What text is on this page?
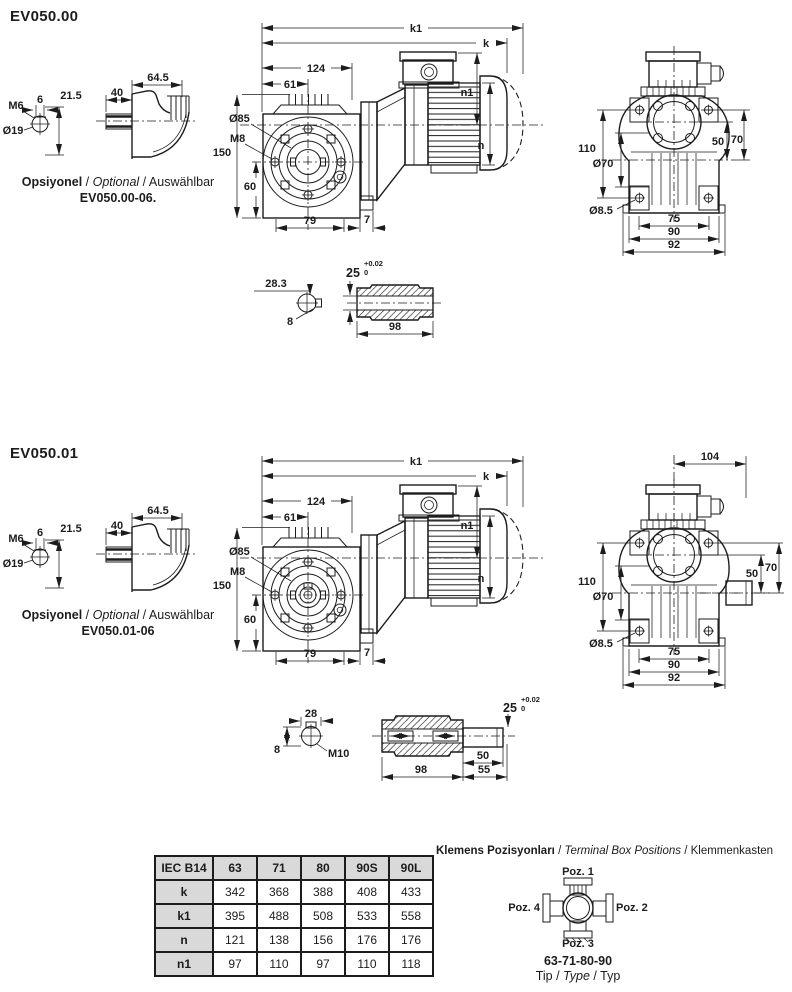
M6 6 21.5
Ø19
40
64.5
k1
k
124
61
n1
n
150
60
Ø85
M8
79	7
110
Ø70
Ø8.5
75
90
92
50 70
28.3
8
25
+0.02
0
98
104
50 70
28
8	M10
25
+0.02
0
98
50
55
Poz. 1
Poz. 2
Poz. 3
Poz. 4
EV050.00
EV050.01
Opsiyonel / Optional / Auswählbar
EV050.00-06.
Opsiyonel / Optional / Auswählbar
EV050.01-06
IEC B14	63	71	80	90S	90L
k	342	368	388	408	433
k1	395	488	508	533	558
n	121	138	156	176	176
n1	97	110	97	110	118
Klemens Pozisyonları / Terminal Box Positions / Klemmenkasten
63-71-80-90
Tip / Type / Typ
